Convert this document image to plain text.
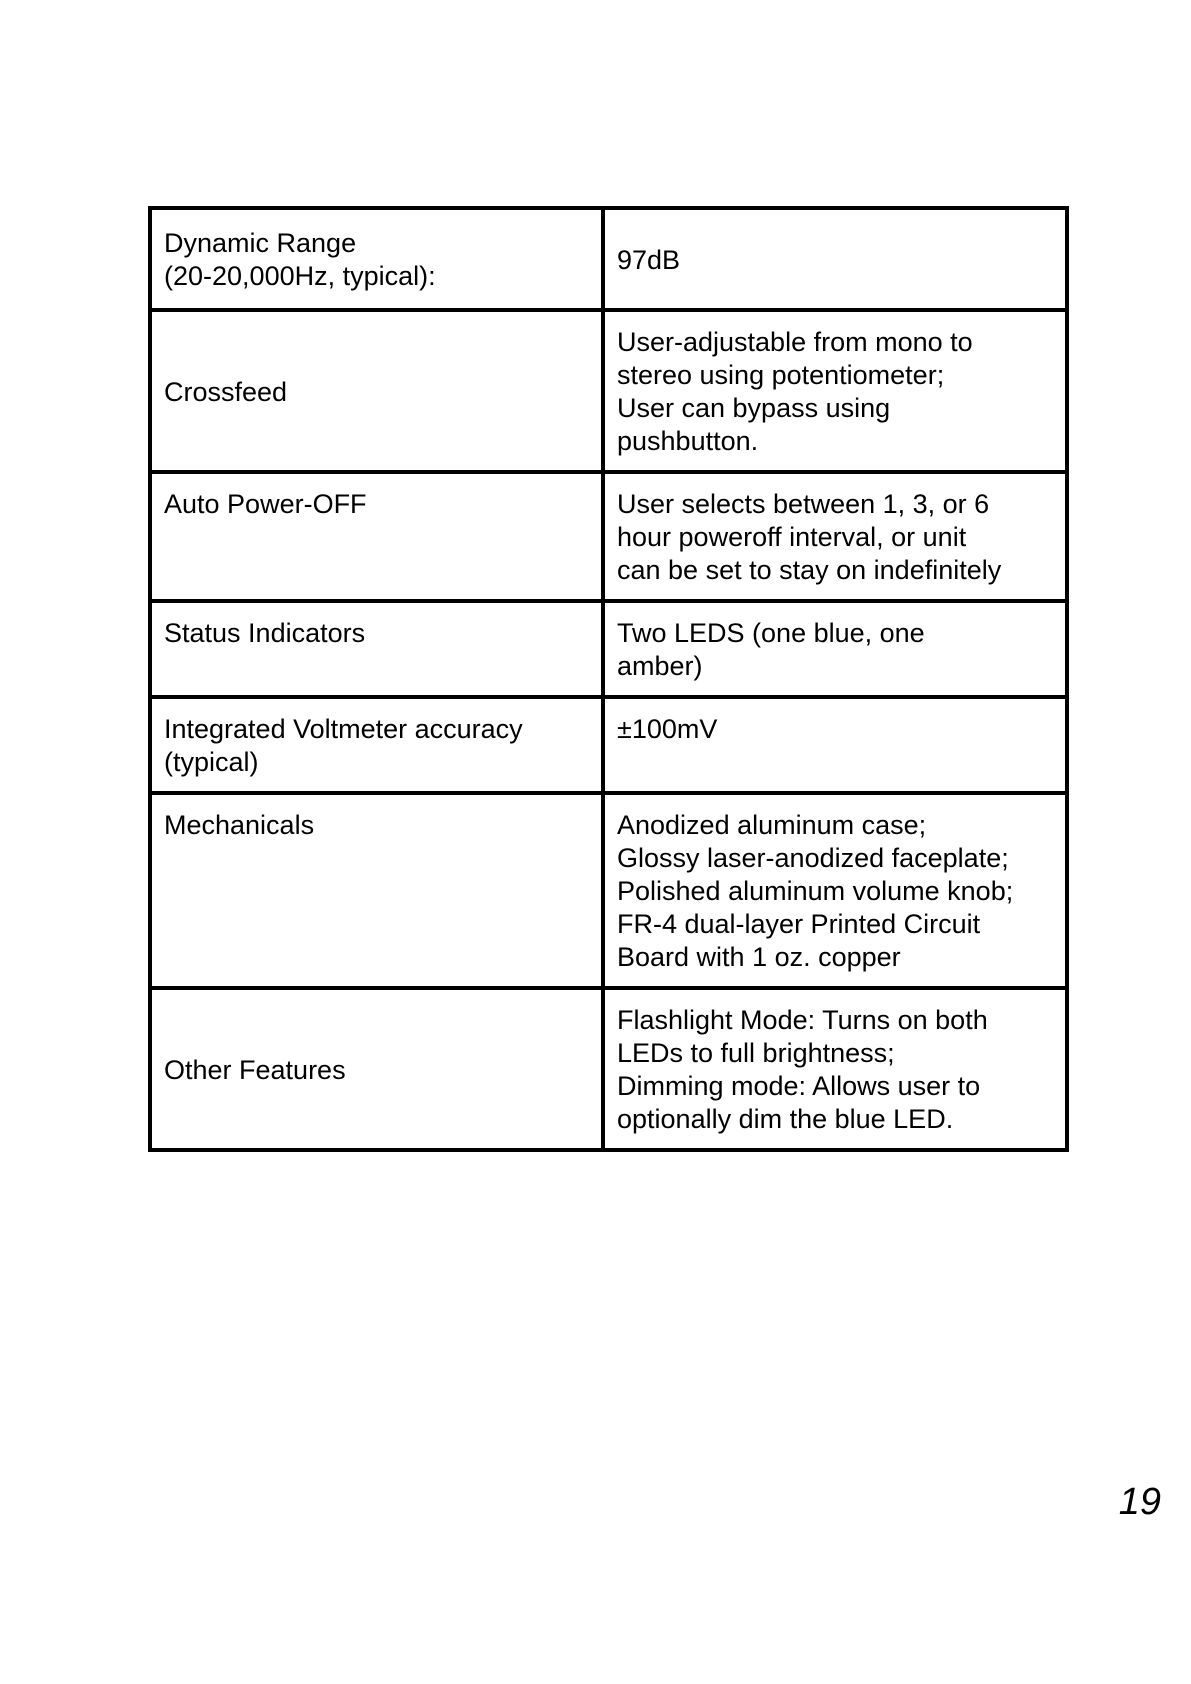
Dynamic Range
(20-20,000Hz, typical):	97dB
Crossfeed	User-adjustable from mono to
stereo using potentiometer;
User can bypass using
pushbutton.
Auto Power-OFF	User selects between 1, 3, or 6
hour poweroff interval, or unit
can be set to stay on indefinitely
Status Indicators	Two LEDS (one blue, one
amber)
Integrated Voltmeter accuracy
(typical)	±100mV
Mechanicals	Anodized aluminum case;
Glossy laser-anodized faceplate;
Polished aluminum volume knob;
FR-4 dual-layer Printed Circuit
Board with 1 oz. copper
Other Features	Flashlight Mode: Turns on both
LEDs to full brightness;
Dimming mode: Allows user to
optionally dim the blue LED.
19
